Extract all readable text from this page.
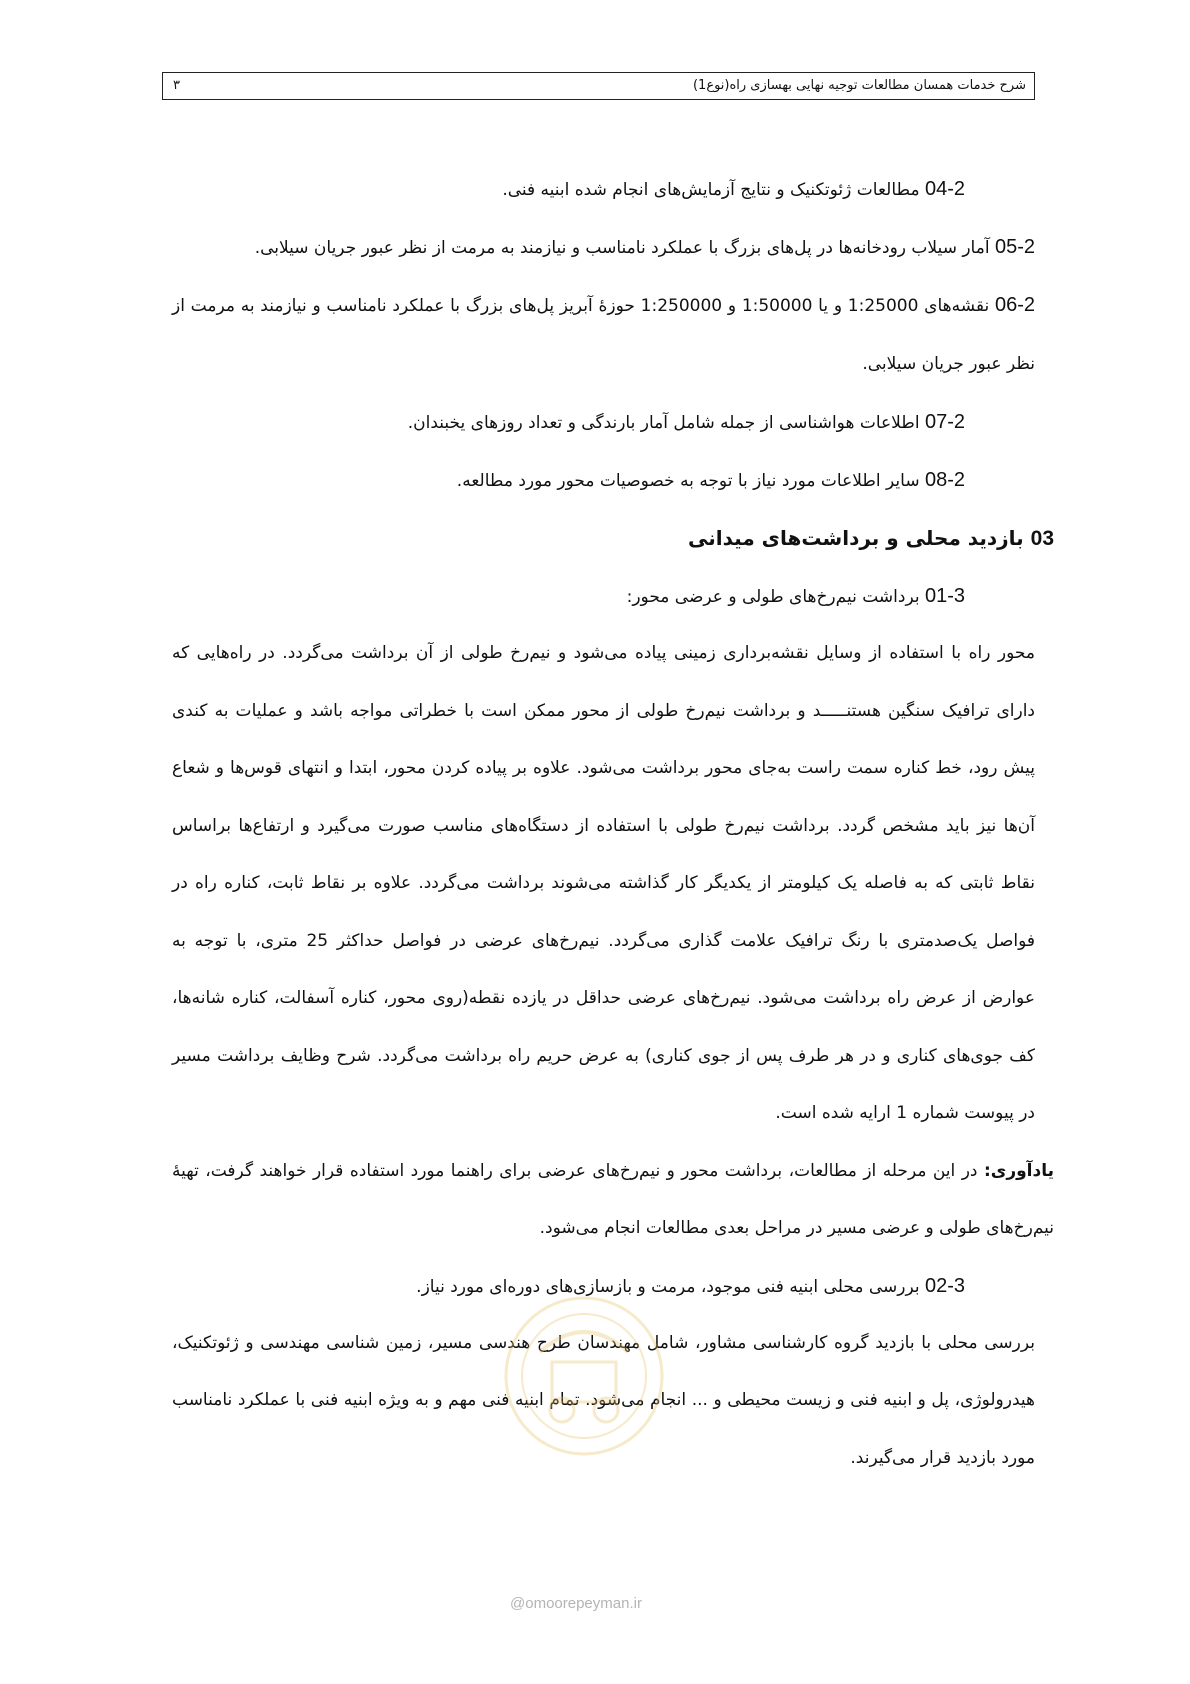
شرح خدمات همسان مطالعات توجیه نهایی بهسازی راه(نوع1)
۳

04-2 مطالعات ژئوتکنیک و نتایج آزمایش‌های انجام شده ابنیه فنی.

05-2 آمار سیلاب رودخانه‌ها در پل‌های بزرگ با عملکرد نامناسب و نیازمند به مرمت از نظر عبور جریان سیلابی.

06-2 نقشه‌های 1:25000 و یا 1:50000 و 1:250000 حوزهٔ آبریز پل‌های بزرگ با عملکرد نامناسب و نیازمند به مرمت از نظر عبور جریان سیلابی.

07-2 اطلاعات هواشناسی از جمله شامل آمار بارندگی و تعداد روزهای یخبندان.

08-2 سایر اطلاعات مورد نیاز با توجه به خصوصیات محور مورد مطالعه.

03 بازدید محلی و برداشت‌های میدانی

01-3 برداشت نیم‌رخ‌های طولی و عرضی محور:

محور راه با استفاده از وسایل نقشه‌برداری زمینی پیاده می‌شود و نیم‌رخ طولی از آن برداشت می‌گردد. در راه‌هایی که دارای ترافیک سنگین هستنـــــد و برداشت نیم‌رخ طولی از محور ممکن است با خطراتی مواجه باشد و عملیات به کندی پیش رود، خط کناره سمت راست به‌جای محور برداشت می‌شود. علاوه بر پیاده کردن محور، ابتدا و انتهای قوس‌ها و شعاع آن‌ها نیز باید مشخص گردد. برداشت نیم‌رخ طولی با استفاده از دستگاه‌های مناسب صورت می‌گیرد و ارتفاع‌ها براساس نقاط ثابتی که به فاصله یک کیلومتر از یکدیگر کار گذاشته می‌شوند برداشت می‌گردد. علاوه بر نقاط ثابت، کناره راه در فواصل یک‌صدمتری با رنگ ترافیک علامت گذاری می‌گردد. نیم‌رخ‌های عرضی در فواصل حداکثر 25 متری، با توجه به عوارض از عرض راه برداشت می‌شود. نیم‌رخ‌های عرضی حداقل در یازده نقطه(روی محور، کناره آسفالت، کناره شانه‌ها، کف جوی‌های کناری و در هر طرف پس از جوی کناری) به عرض حریم راه برداشت می‌گردد. شرح وظایف برداشت مسیر در پیوست شماره 1 ارایه شده است.

یادآوری: در این مرحله از مطالعات، برداشت محور و نیم‌رخ‌های عرضی برای راهنما مورد استفاده قرار خواهند گرفت، تهیهٔ نیم‌رخ‌های طولی و عرضی مسیر در مراحل بعدی مطالعات انجام می‌شود.

02-3 بررسی محلی ابنیه فنی موجود، مرمت و بازسازی‌های دوره‌ای مورد نیاز.

بررسی محلی با بازدید گروه کارشناسی مشاور، شامل مهندسان طرح هندسی مسیر، زمین شناسی مهندسی و ژئوتکنیک، هیدرولوژی، پل و ابنیه فنی و زیست محیطی و ... انجام می‌شود. تمام ابنیه فنی مهم و به ویژه ابنیه فنی با عملکرد نامناسب مورد بازدید قرار می‌گیرند.

@omoorepeyman.ir
